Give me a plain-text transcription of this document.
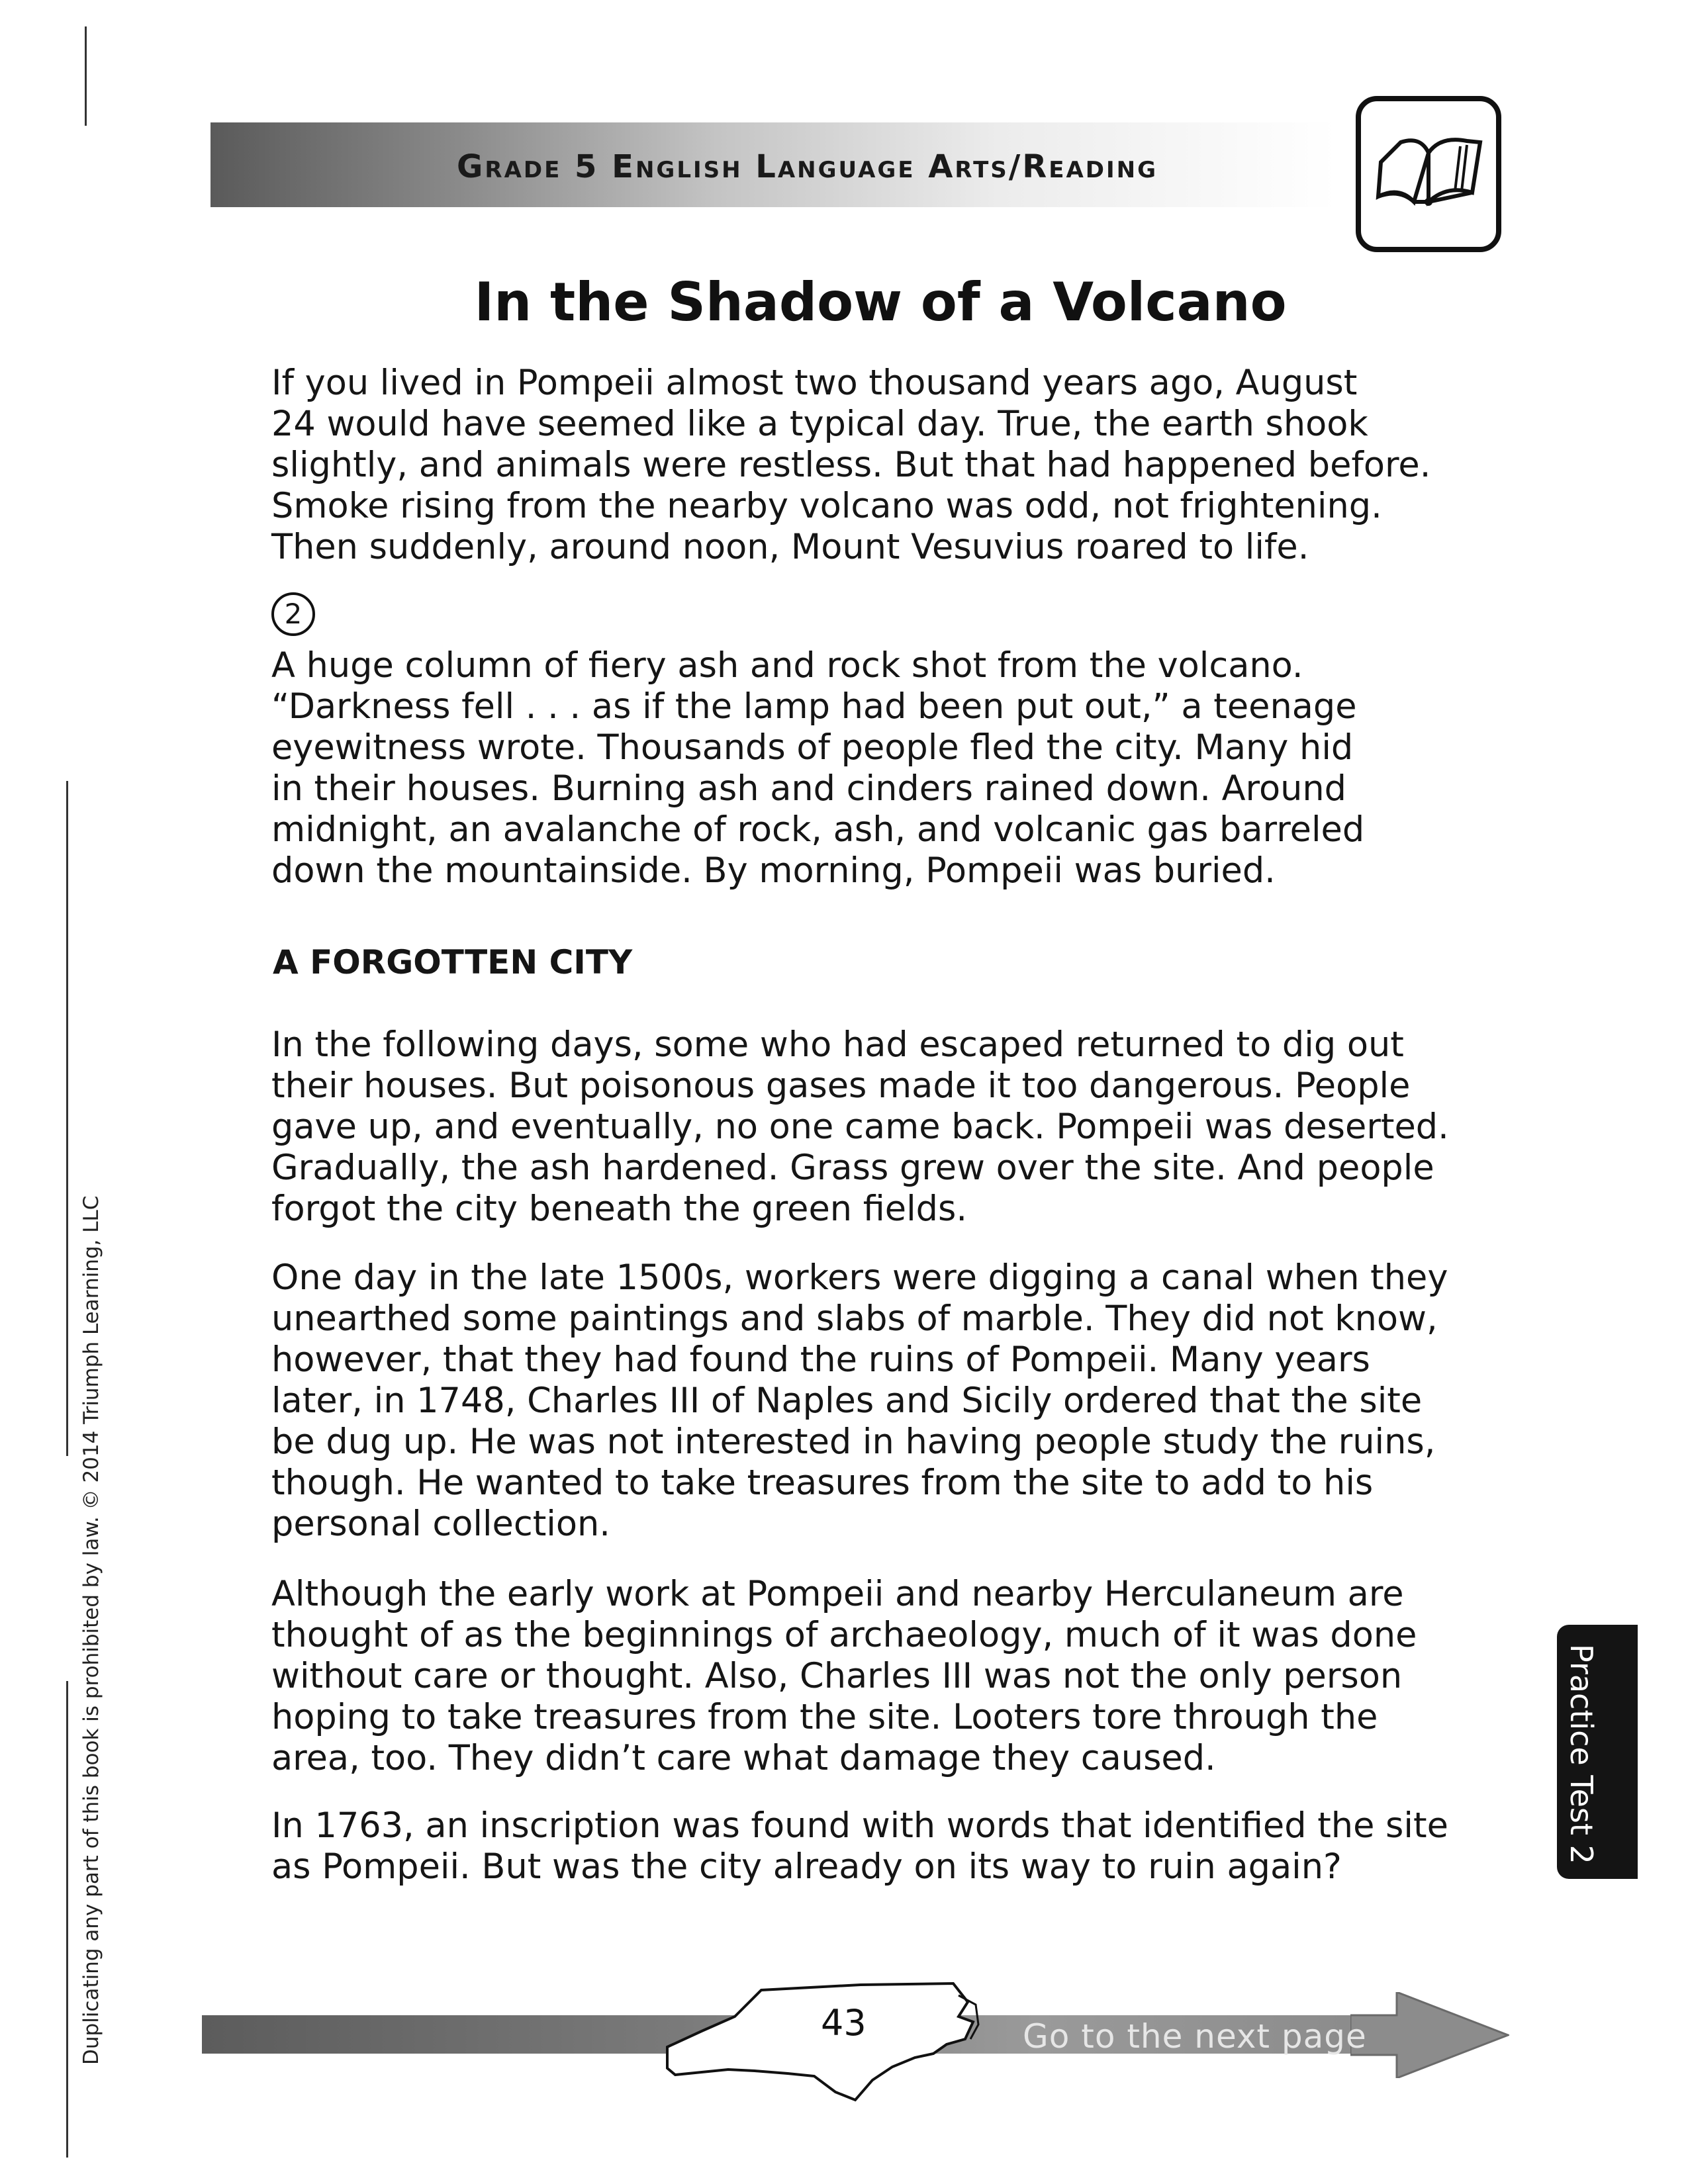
Grade 5 English Language Arts/Reading
In the Shadow of a Volcano
If you lived in Pompeii almost two thousand years ago, August
24 would have seemed like a typical day. True, the earth shook
slightly, and animals were restless. But that had happened before.
Smoke rising from the nearby volcano was odd, not frightening.
Then suddenly, around noon, Mount Vesuvius roared to life.
2
A huge column of fiery ash and rock shot from the volcano.
“Darkness fell . . . as if the lamp had been put out,” a teenage
eyewitness wrote. Thousands of people fled the city. Many hid
in their houses. Burning ash and cinders rained down. Around
midnight, an avalanche of rock, ash, and volcanic gas barreled
down the mountainside. By morning, Pompeii was buried.
A FORGOTTEN CITY
In the following days, some who had escaped returned to dig out
their houses. But poisonous gases made it too dangerous. People
gave up, and eventually, no one came back. Pompeii was deserted.
Gradually, the ash hardened. Grass grew over the site. And people
forgot the city beneath the green fields.
One day in the late 1500s, workers were digging a canal when they
unearthed some paintings and slabs of marble. They did not know,
however, that they had found the ruins of Pompeii. Many years
later, in 1748, Charles III of Naples and Sicily ordered that the site
be dug up. He was not interested in having people study the ruins,
though. He wanted to take treasures from the site to add to his
personal collection.
Although the early work at Pompeii and nearby Herculaneum are
thought of as the beginnings of archaeology, much of it was done
without care or thought. Also, Charles III was not the only person
hoping to take treasures from the site. Looters tore through the
area, too. They didn’t care what damage they caused.
In 1763, an inscription was found with words that identified the site
as Pompeii. But was the city already on its way to ruin again?
Duplicating any part of this book is prohibited by law. © 2014 Triumph Learning, LLC	Practice Test 2
43	Go to the next page
